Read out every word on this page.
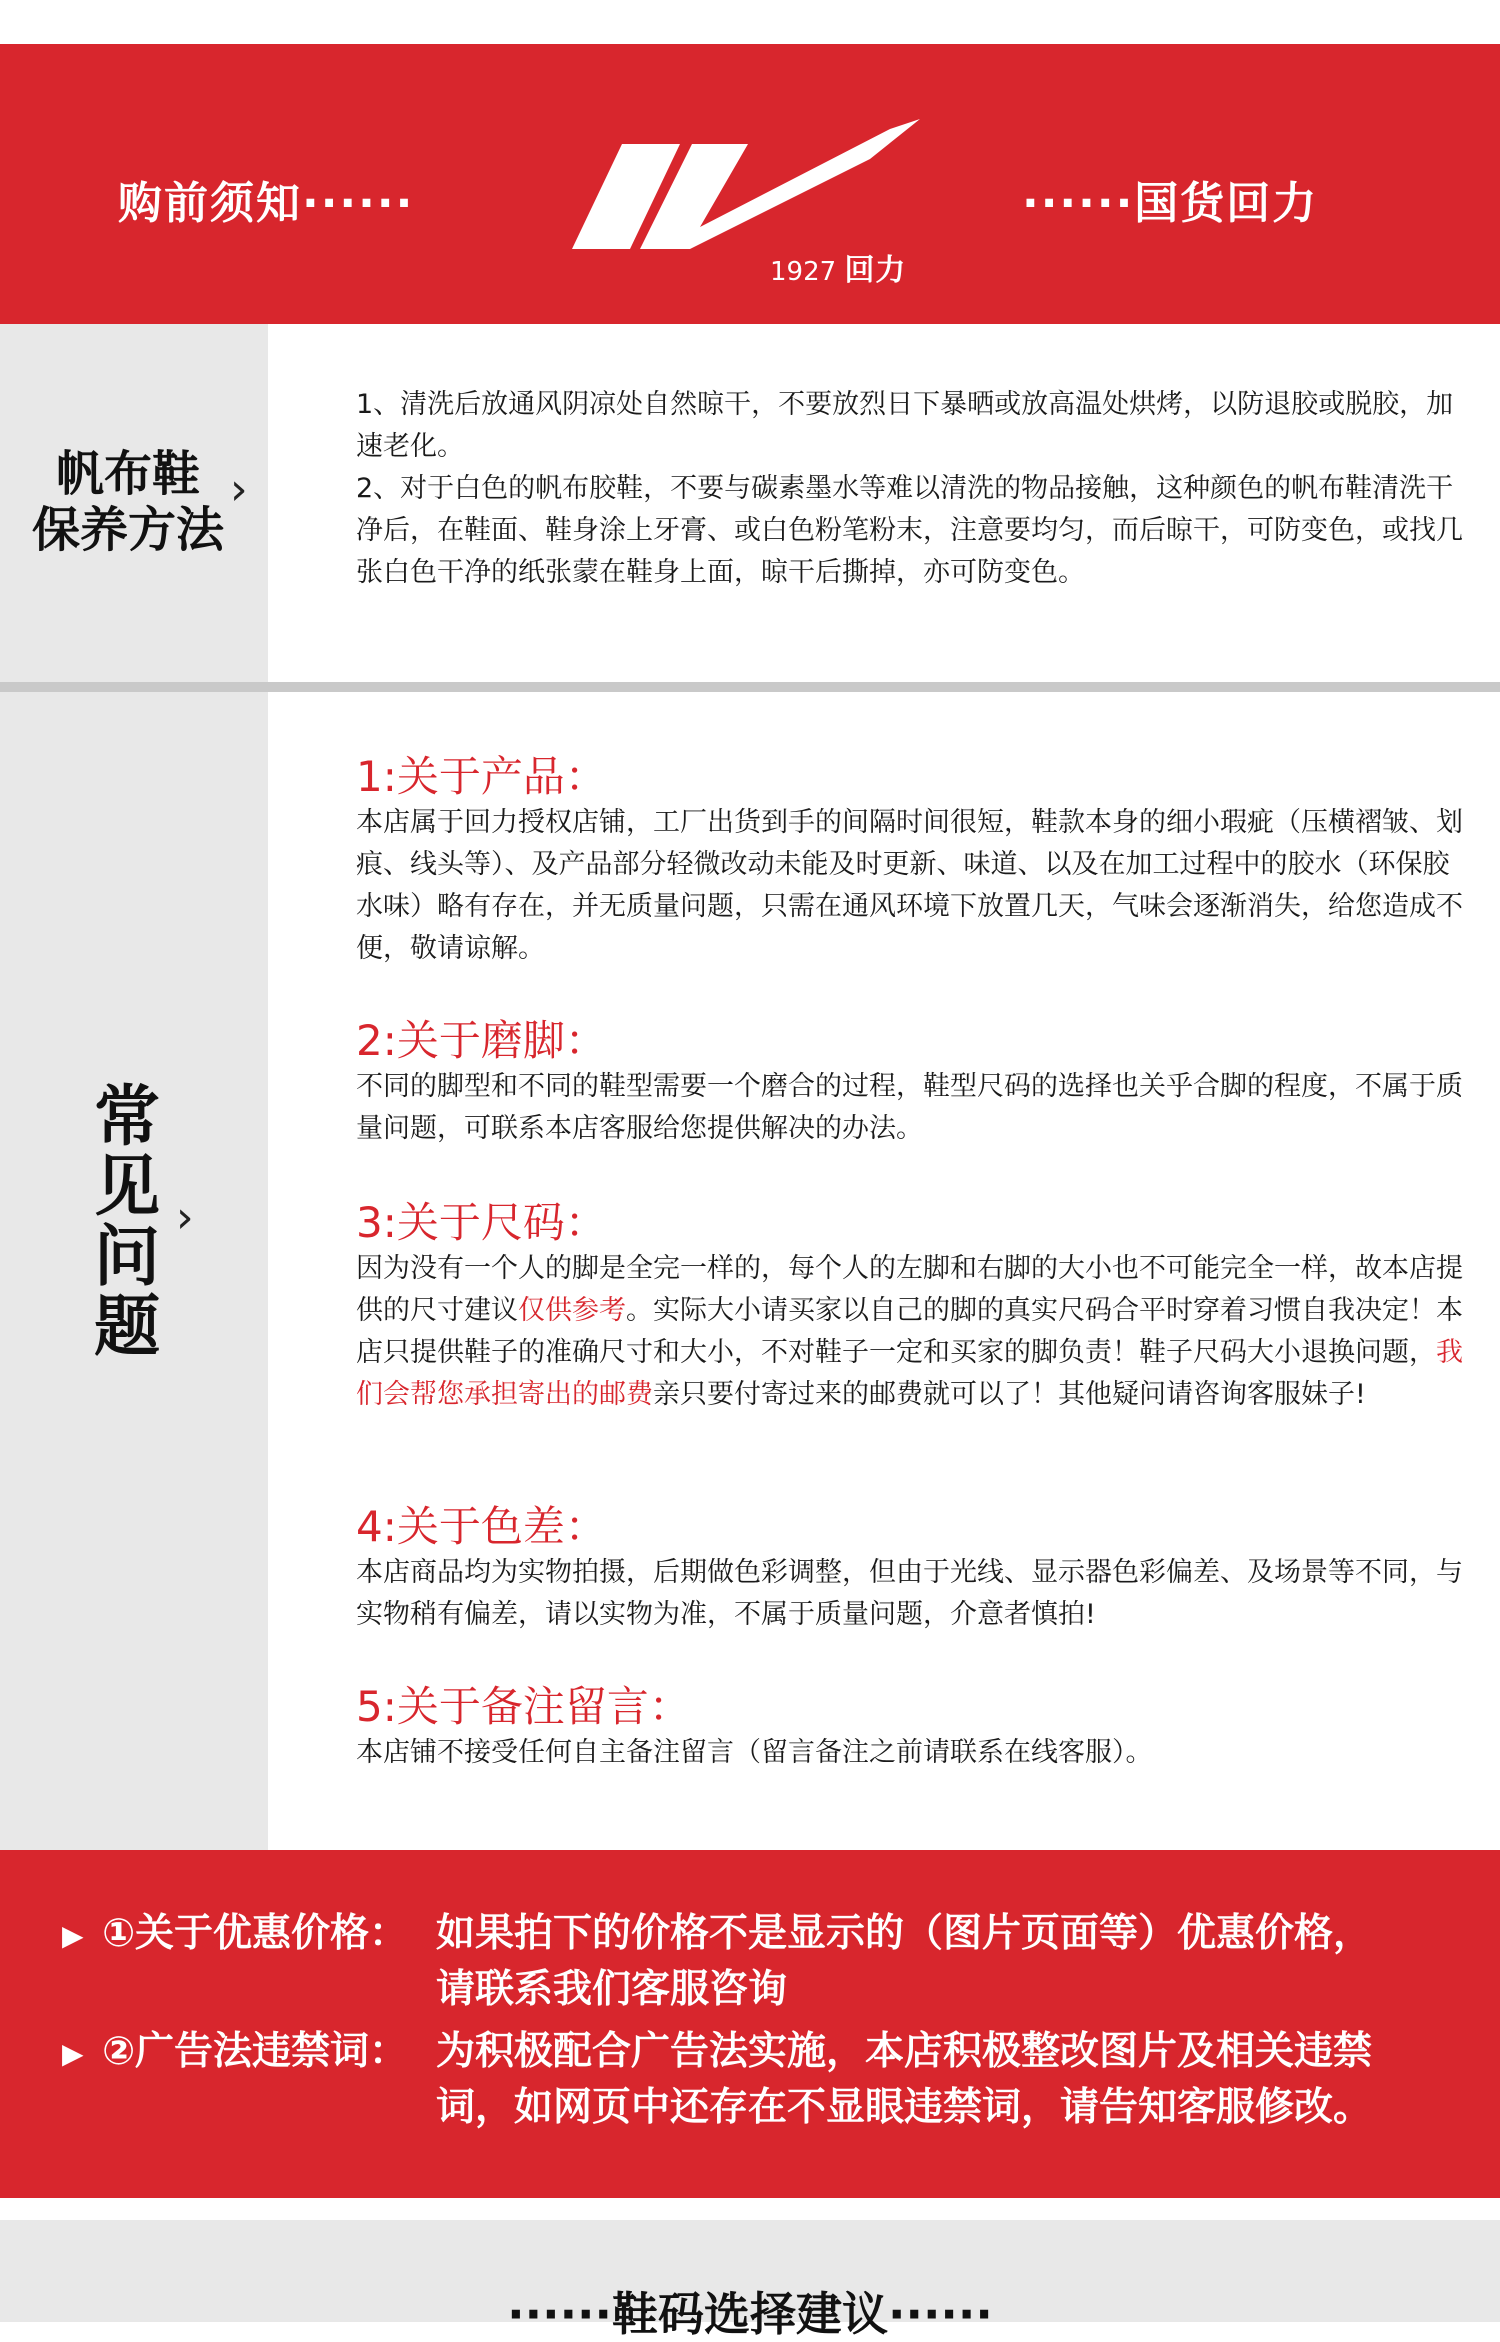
购前须知······
1927 回力
······国货回力
帆布鞋
保养方法
›

1、清洗后放通风阴凉处自然晾干，不要放烈日下暴晒或放高温处烘烤，以防退胶或脱胶，加速老化。

2、对于白色的帆布胶鞋，不要与碳素墨水等难以清洗的物品接触，这种颜色的帆布鞋清洗干净后，在鞋面、鞋身涂上牙膏、或白色粉笔粉末，注意要均匀，而后晾干，可防变色，或找几张白色干净的纸张蒙在鞋身上面，晾干后撕掉，亦可防变色。

常见问题
›
1:关于产品：
本店属于回力授权店铺，工厂出货到手的间隔时间很短，鞋款本身的细小瑕疵（压横褶皱、划痕、线头等）、及产品部分轻微改动未能及时更新、味道、以及在加工过程中的胶水（环保胶水味）略有存在，并无质量问题，只需在通风环境下放置几天，气味会逐渐消失，给您造成不便，敬请谅解。
2:关于磨脚：
不同的脚型和不同的鞋型需要一个磨合的过程，鞋型尺码的选择也关乎合脚的程度，不属于质量问题，可联系本店客服给您提供解决的办法。
3:关于尺码：
因为没有一个人的脚是全完一样的，每个人的左脚和右脚的大小也不可能完全一样，故本店提供的尺寸建议仅供参考。实际大小请买家以自己的脚的真实尺码合平时穿着习惯自我决定！本店只提供鞋子的准确尺寸和大小，不对鞋子一定和买家的脚负责！鞋子尺码大小退换问题，我们会帮您承担寄出的邮费亲只要付寄过来的邮费就可以了！其他疑问请咨询客服妹子!
4:关于色差：
本店商品均为实物拍摄，后期做色彩调整，但由于光线、显示器色彩偏差、及场景等不同，与实物稍有偏差，请以实物为准，不属于质量问题，介意者慎拍!
5:关于备注留言：
本店铺不接受任何自主备注留言（留言备注之前请联系在线客服）。
▶ ①关于优惠价格： 如果拍下的价格不是显示的（图片页面等）优惠价格，
请联系我们客服咨询
▶ ②广告法违禁词： 为积极配合广告法实施，本店积极整改图片及相关违禁
词，如网页中还存在不显眼违禁词，请告知客服修改。
······鞋码选择建议······
